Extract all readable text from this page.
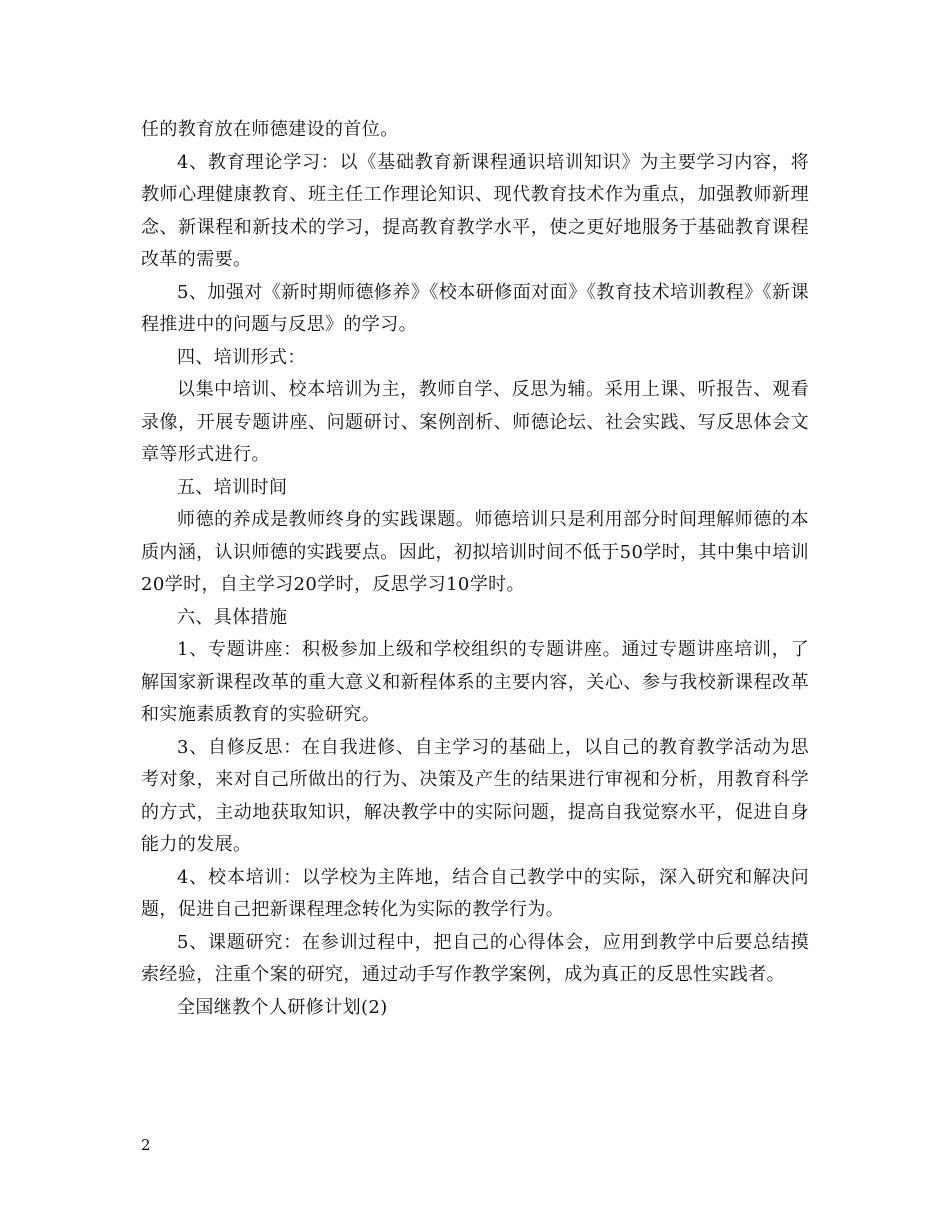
任的教育放在师德建设的首位。

4、教育理论学习：以《基础教育新课程通识培训知识》为主要学习内容，将教师心理健康教育、班主任工作理论知识、现代教育技术作为重点，加强教师新理念、新课程和新技术的学习，提高教育教学水平，使之更好地服务于基础教育课程改革的需要。

5、加强对《新时期师德修养》《校本研修面对面》《教育技术培训教程》《新课程推进中的问题与反思》的学习。

四、培训形式：

以集中培训、校本培训为主，教师自学、反思为辅。采用上课、听报告、观看录像，开展专题讲座、问题研讨、案例剖析、师德论坛、社会实践、写反思体会文章等形式进行。

五、培训时间

师德的养成是教师终身的实践课题。师德培训只是利用部分时间理解师德的本质内涵，认识师德的实践要点。因此，初拟培训时间不低于50学时，其中集中培训20学时，自主学习20学时，反思学习10学时。

六、具体措施

1、专题讲座：积极参加上级和学校组织的专题讲座。通过专题讲座培训，了解国家新课程改革的重大意义和新程体系的主要内容，关心、参与我校新课程改革和实施素质教育的实验研究。

3、自修反思：在自我进修、自主学习的基础上，以自己的教育教学活动为思考对象，来对自己所做出的行为、决策及产生的结果进行审视和分析，用教育科学的方式，主动地获取知识，解决教学中的实际问题，提高自我觉察水平，促进自身能力的发展。

4、校本培训：以学校为主阵地，结合自己教学中的实际，深入研究和解决问题，促进自己把新课程理念转化为实际的教学行为。

5、课题研究：在参训过程中，把自己的心得体会，应用到教学中后要总结摸索经验，注重个案的研究，通过动手写作教学案例，成为真正的反思性实践者。

全国继教个人研修计划(2)

2
